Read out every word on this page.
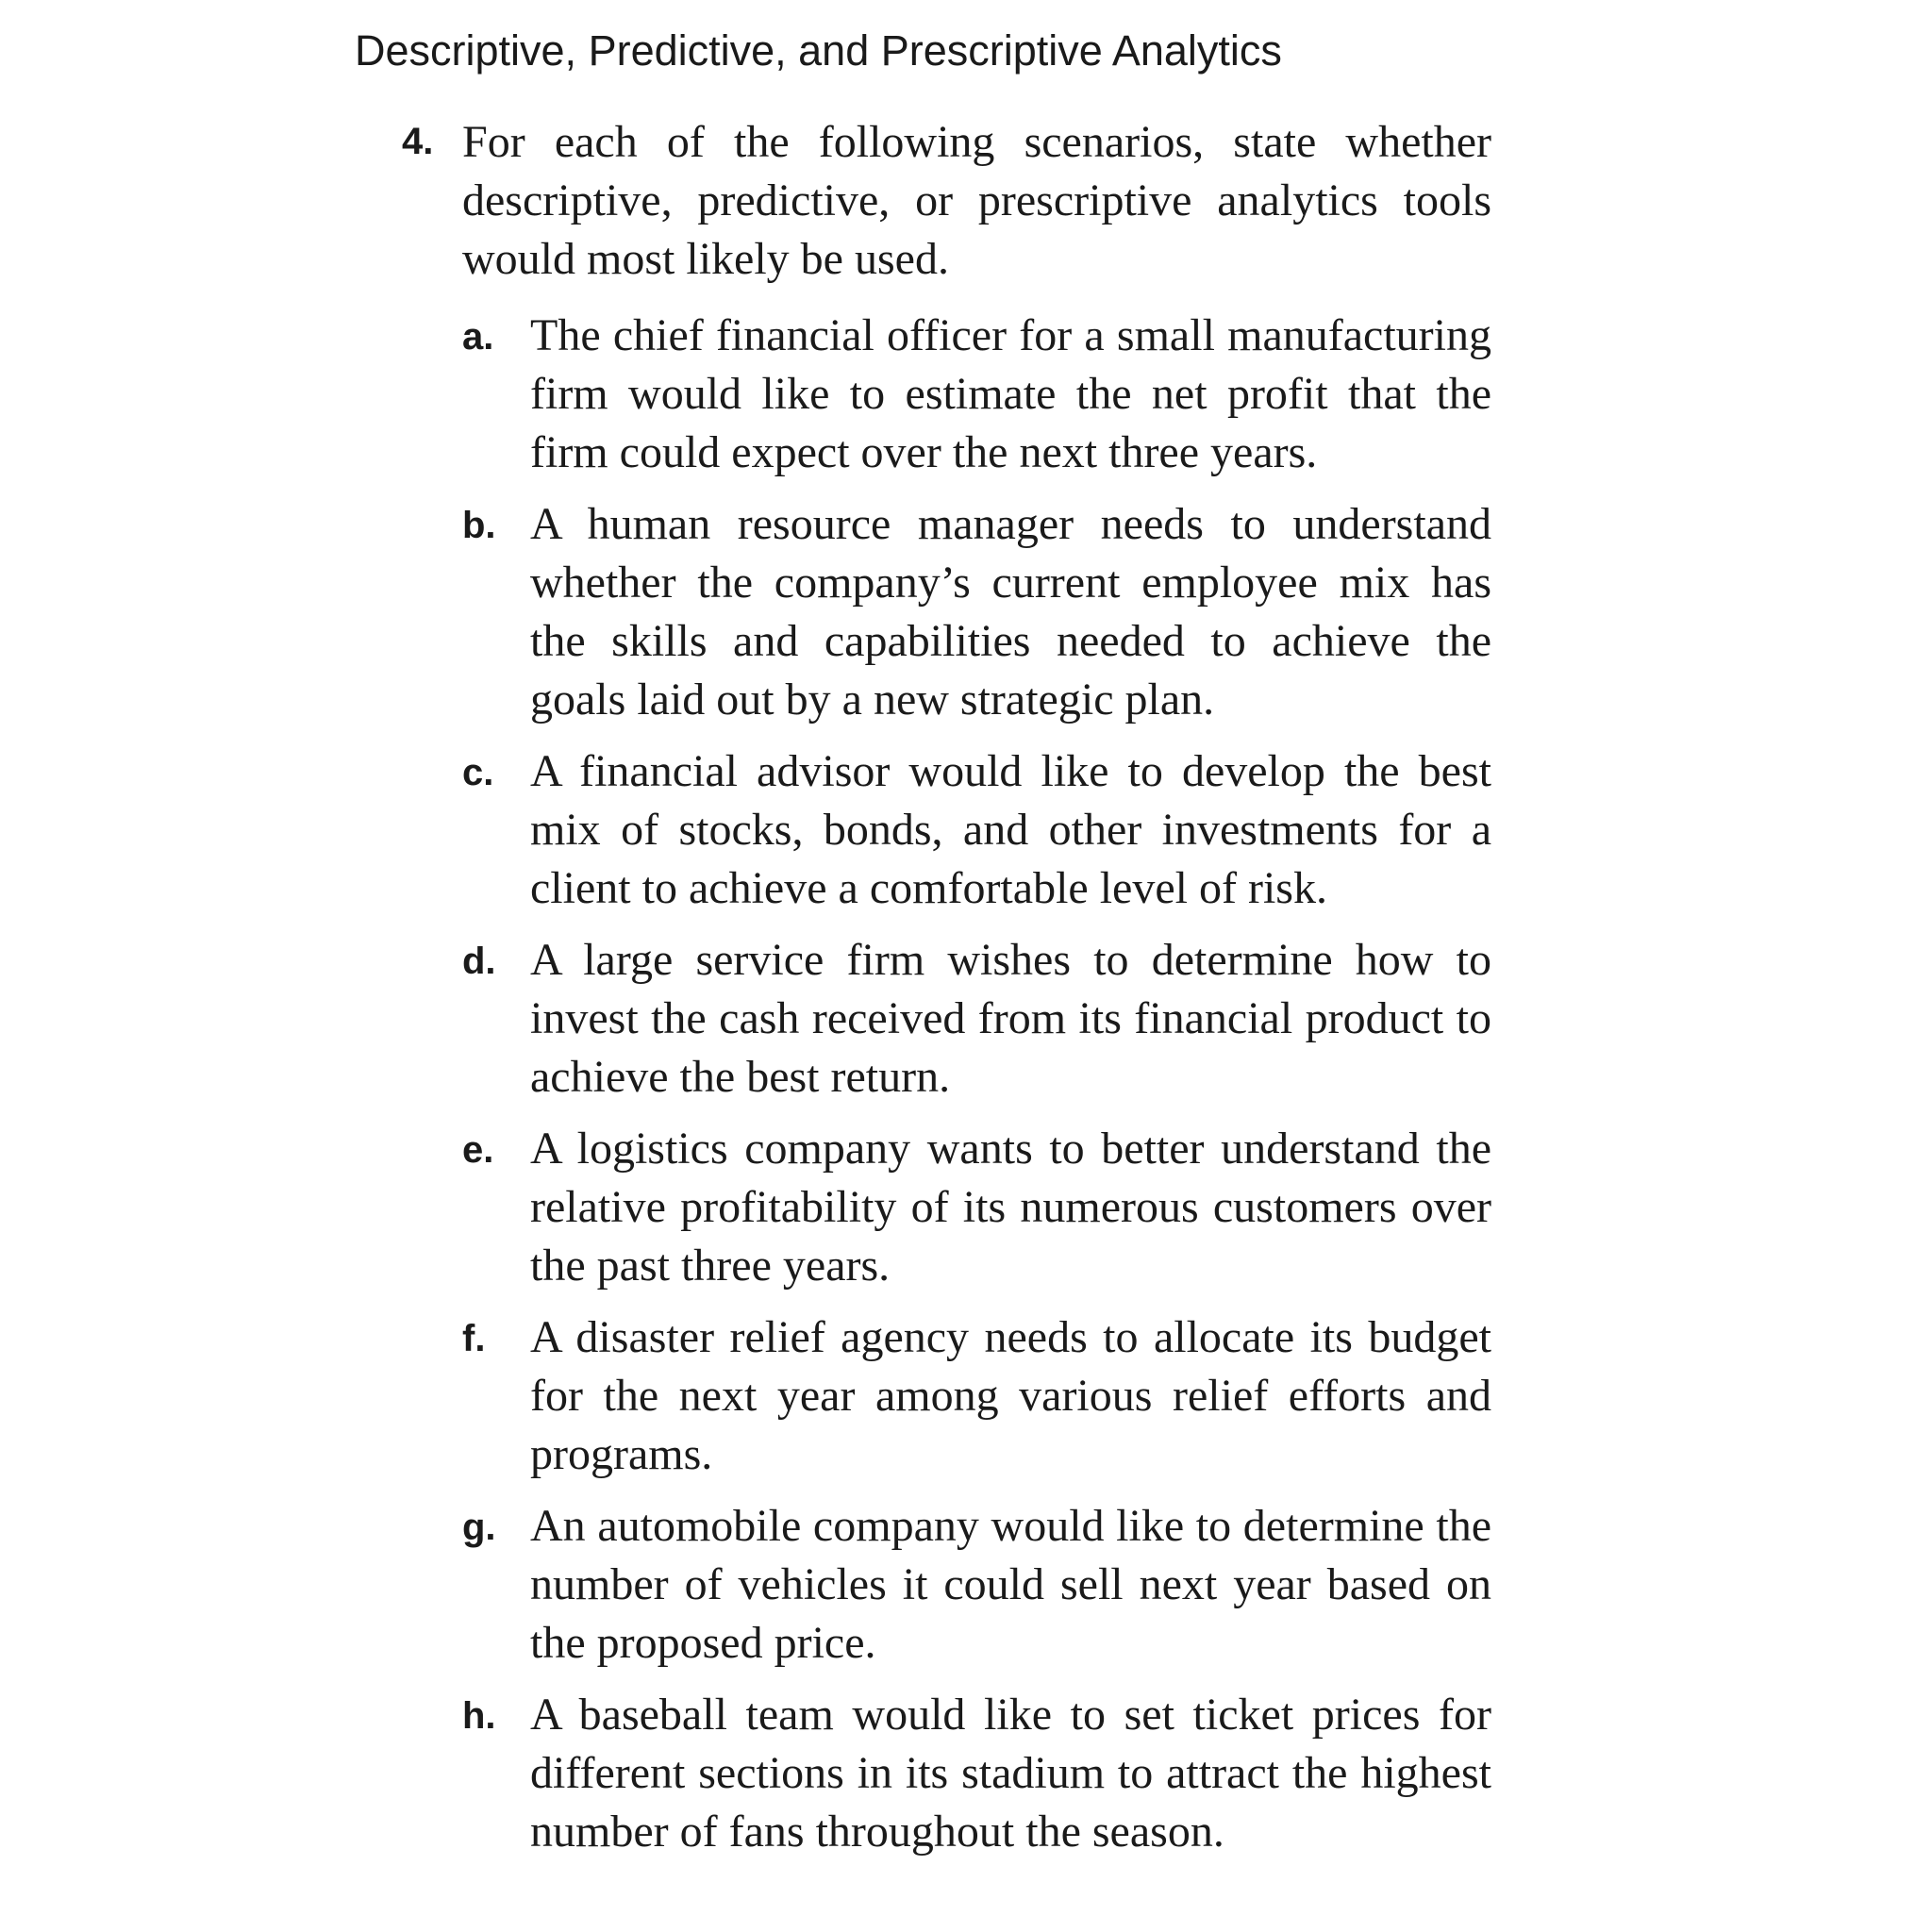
Descriptive, Predictive, and Prescriptive Analytics
4. For each of the following scenarios, state whether descriptive, predictive, or prescriptive analytics tools would most likely be used.
a. The chief financial officer for a small manufacturing firm would like to estimate the net profit that the firm could expect over the next three years.
b. A human resource manager needs to understand whether the company’s current employee mix has the skills and capabilities needed to achieve the goals laid out by a new strategic plan.
c. A financial advisor would like to develop the best mix of stocks, bonds, and other investments for a client to achieve a comfortable level of risk.
d. A large service firm wishes to determine how to invest the cash received from its financial product to achieve the best return.
e. A logistics company wants to better understand the relative profitability of its numerous customers over the past three years.
f. A disaster relief agency needs to allocate its budget for the next year among various relief efforts and programs.
g. An automobile company would like to determine the number of vehicles it could sell next year based on the proposed price.
h. A baseball team would like to set ticket prices for different sections in its stadium to attract the highest number of fans throughout the season.
